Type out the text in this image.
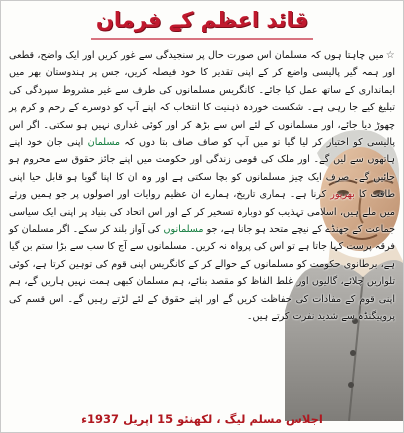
قائد اعظم کے فرمان
☆میں چاہتا ہوں کہ مسلمان اس صورت حال پر سنجیدگی سے غور کریں اور ایک واضح، قطعی اور ہمہ گیر پالیسی واضع کر کے اپنی تقدیر کا خود فیصلہ کریں، جس پر ہندوستان بھر میں ایمانداری کے ساتھ عمل کیا جائے۔ کانگریس مسلمانوں کی طرف سے غیر مشروط سپردگی کی تبلیغ کیے جا رہی ہے۔ شکست خوردہ ذہنیت کا انتخاب کہ اپنے آپ کو دوسرے کے رحم و کرم پر چھوڑ دیا جائے، اور مسلمانوں کے لئے اس سے بڑھ کر اور کوئی غداری نہیں ہو سکتی۔ اگر اس پالیسی کو اختیار کر لیا گیا تو میں آپ کو صاف صاف بتا دوں کہ مسلمان اپنی جان خود اپنے ہاتھوں سے لیں گے۔ اور ملک کی قومی زندگی اور حکومت میں اپنے جائز حقوق سے محروم ہو جائیں گے۔ صرف ایک چیز مسلمانوں کو بچا سکتی ہے اور وہ ان کا اپنا گویا ہو قابل حیا اپنی طاقت کا بھرپور کرنا ہے۔ ہماری تاریخ، ہمارے ان عظیم روایات اور اصولوں پر جو ہمیں ورثے میں ملے ہیں، اسلامی تہذیب کو دوبارہ تسخیر کر کے اور اس اتحاد کی بنیاد پر اپنی ایک سیاسی جماعت کے جھنڈے کے نیچے متحد ہو جانا ہے، جو مسلمانوں کی آواز بلند کر سکے۔ اگر مسلمان کو فرقہ پرست کہا جاتا ہے تو اس کی پرواہ نہ کریں۔ مسلمانوں سے آج کا سب سے بڑا ستم بن گیا ہے، برطانوی حکومت کو مسلمانوں کے حوالے کر کے کانگریس اپنی قوم کی توہین کرتا ہے، کوئی تلواریں چلائے، گالیوں اور غلط الفاظ کو مقصد بنائے، ہم مسلمان کبھی ہمت نہیں ہاریں گے، ہم اپنی قوم کے مفادات کی حفاظت کریں گے اور اپنے حقوق کے لئے لڑتے رہیں گے۔ اس قسم کی پروپیگنڈہ سے شدید نفرت کرتے ہیں۔
اجلاس مسلم لیگ ، لکھنئو 15 اپریل 1937ء
